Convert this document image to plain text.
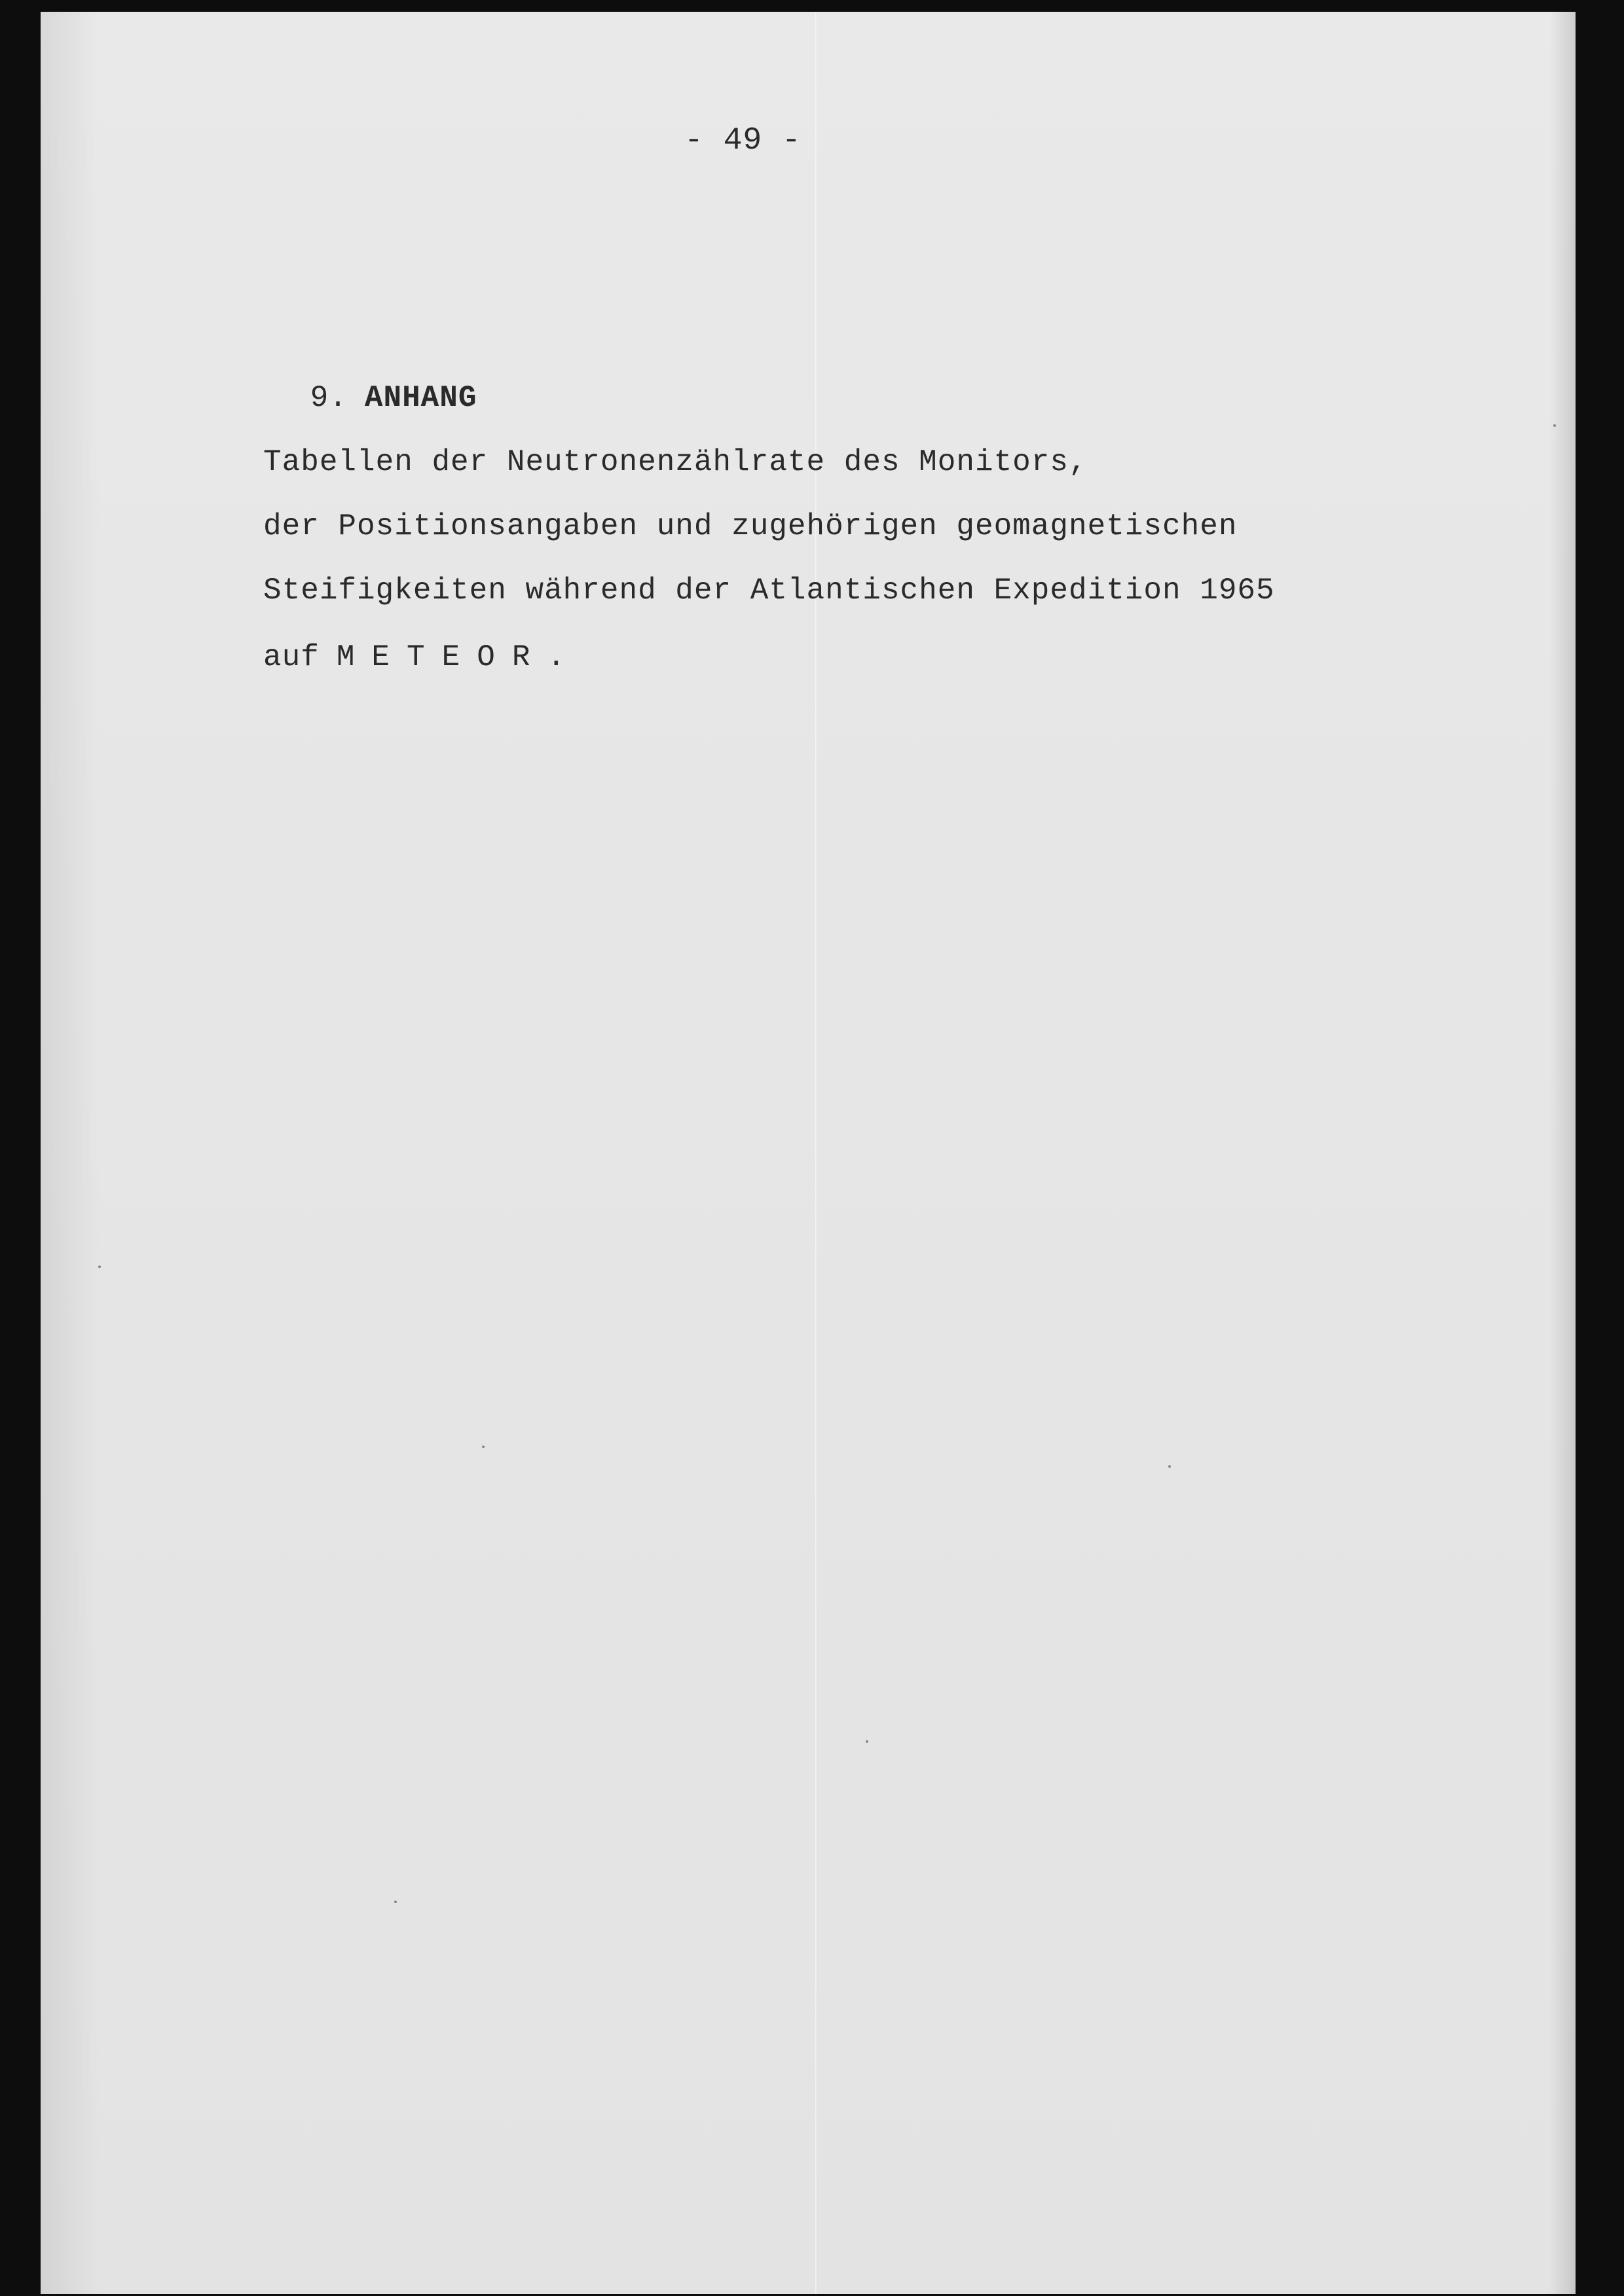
- 49 -

9. ANHANG

Tabellen der Neutronenzählrate des Monitors,
der Positionsangaben und zugehörigen geomagnetischen
Steifigkeiten während der Atlantischen Expedition 1965
auf METEOR.
